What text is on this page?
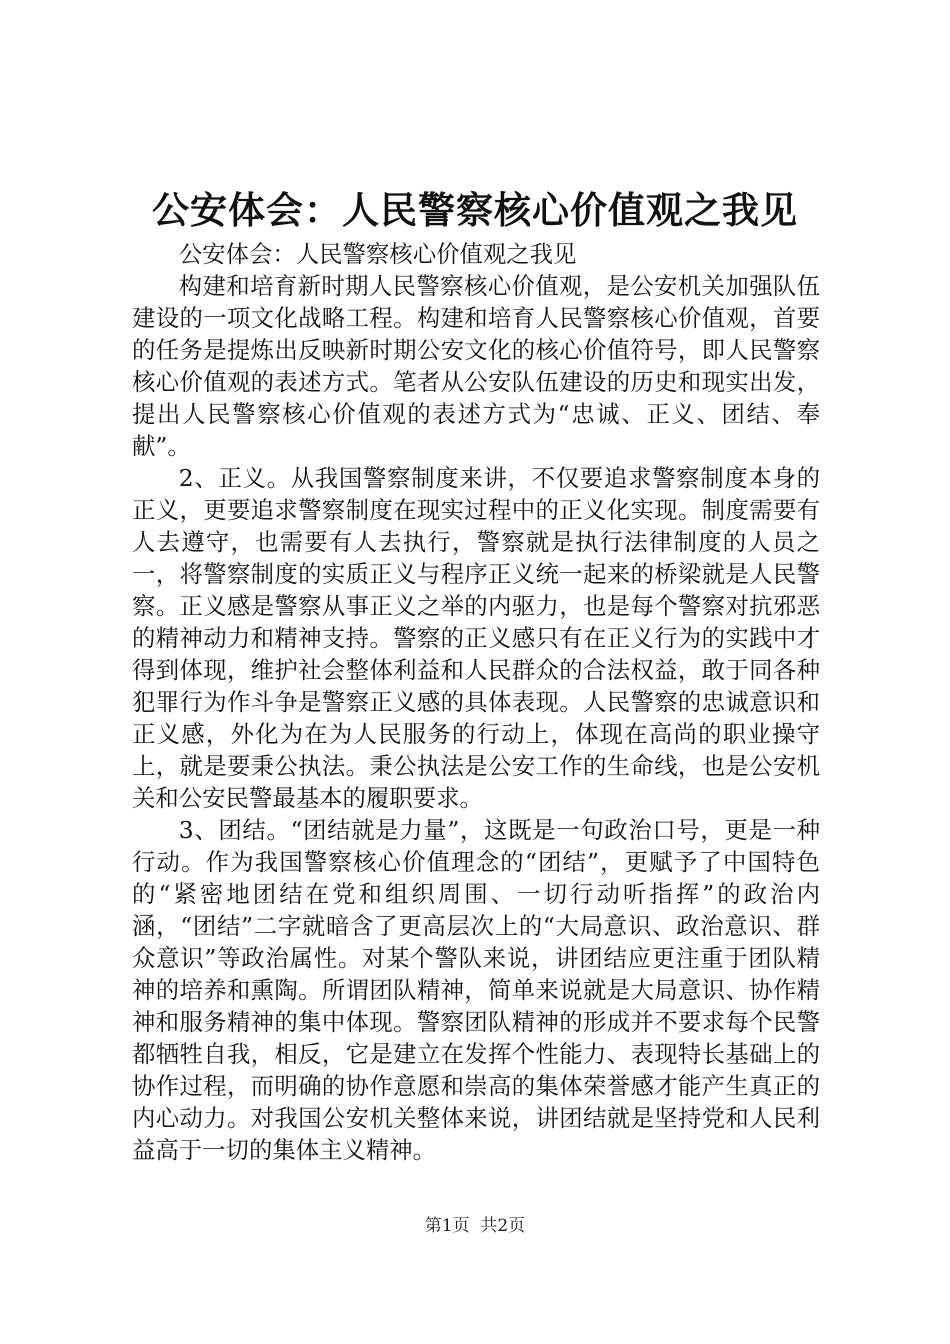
公安体会：人民警察核心价值观之我见

公安体会：人民警察核心价值观之我见

构建和培育新时期人民警察核心价值观，是公安机关加强队伍建设的一项文化战略工程。构建和培育人民警察核心价值观，首要的任务是提炼出反映新时期公安文化的核心价值符号，即人民警察核心价值观的表述方式。笔者从公安队伍建设的历史和现实出发，提出人民警察核心价值观的表述方式为“忠诚、正义、团结、奉献”。

2、正义。从我国警察制度来讲，不仅要追求警察制度本身的正义，更要追求警察制度在现实过程中的正义化实现。制度需要有人去遵守，也需要有人去执行，警察就是执行法律制度的人员之一，将警察制度的实质正义与程序正义统一起来的桥梁就是人民警察。正义感是警察从事正义之举的内驱力，也是每个警察对抗邪恶的精神动力和精神支持。警察的正义感只有在正义行为的实践中才得到体现，维护社会整体利益和人民群众的合法权益，敢于同各种犯罪行为作斗争是警察正义感的具体表现。人民警察的忠诚意识和正义感，外化为在为人民服务的行动上，体现在高尚的职业操守上，就是要秉公执法。秉公执法是公安工作的生命线，也是公安机关和公安民警最基本的履职要求。

3、团结。“团结就是力量”，这既是一句政治口号，更是一种行动。作为我国警察核心价值理念的“团结”，更赋予了中国特色的“紧密地团结在党和组织周围、一切行动听指挥”的政治内涵，“团结”二字就暗含了更高层次上的“大局意识、政治意识、群众意识”等政治属性。对某个警队来说，讲团结应更注重于团队精神的培养和熏陶。所谓团队精神，简单来说就是大局意识、协作精神和服务精神的集中体现。警察团队精神的形成并不要求每个民警都牺牲自我，相反，它是建立在发挥个性能力、表现特长基础上的协作过程，而明确的协作意愿和崇高的集体荣誉感才能产生真正的内心动力。对我国公安机关整体来说，讲团结就是坚持党和人民利益高于一切的集体主义精神。

第1页 共2页
